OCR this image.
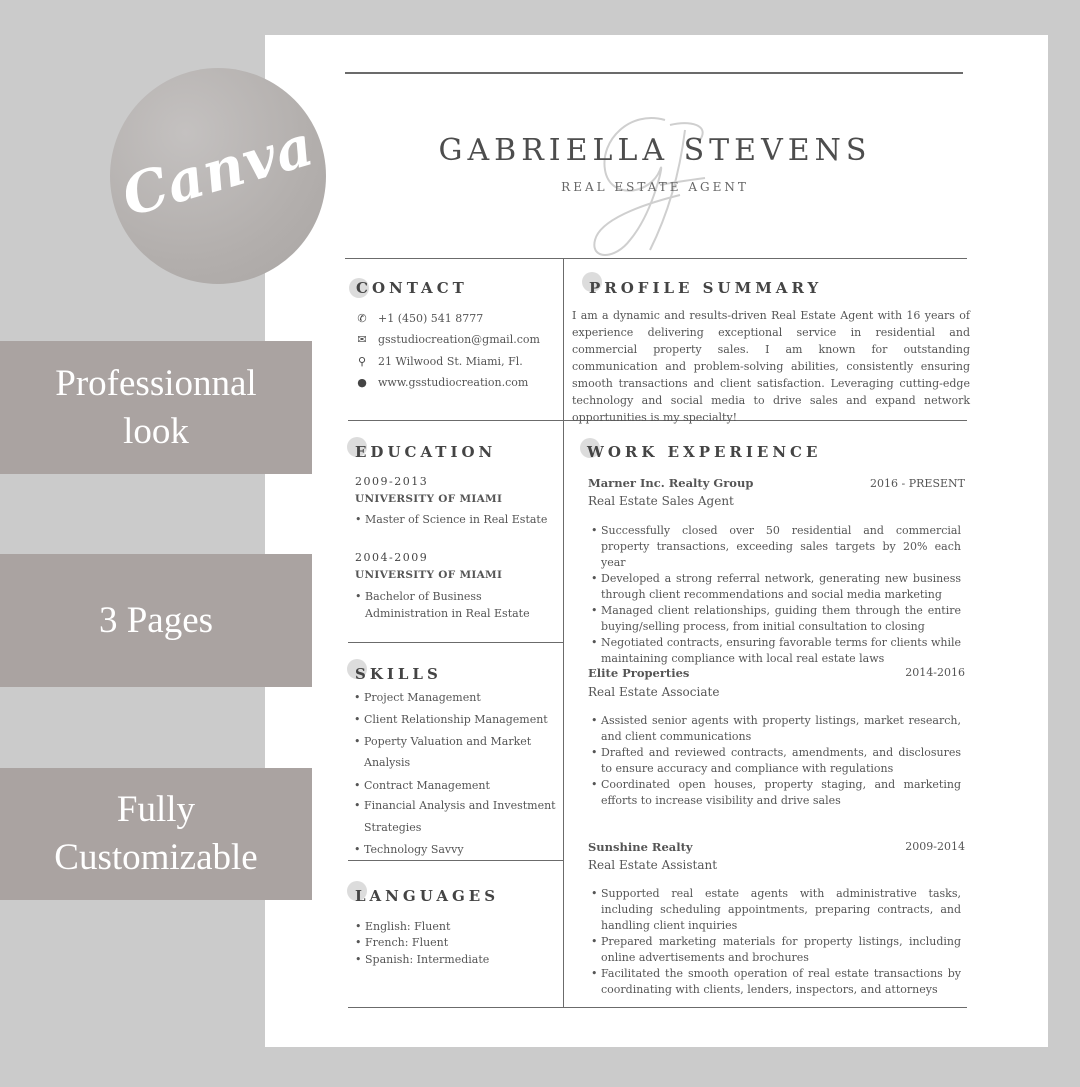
GABRIELLA STEVENS
REAL ESTATE AGENT
CONTACT
✆ +1 (450) 541 8777
✉ gsstudiocreation@gmail.com
⚲ 21 Wilwood St. Miami, Fl.
● www.gsstudiocreation.com
PROFILE SUMMARY
I am a dynamic and results-driven Real Estate Agent with 16 years of experience delivering exceptional service in residential and commercial property sales. I am known for outstanding communication and problem-solving abilities, consistently ensuring smooth transactions and client satisfaction. Leveraging cutting-edge technology and social media to drive sales and expand network opportunities is my specialty!
EDUCATION
2009-2013
UNIVERSITY OF MIAMI
• Master of Science in Real Estate
2004-2009
UNIVERSITY OF MIAMI
• Bachelor of Business
Administration in Real Estate
SKILLS
• Project Management
• Client Relationship Management
• Poperty Valuation and Market
Analysis
• Contract Management
• Financial Analysis and Investment
Strategies
• Technology Savvy
LANGUAGES
• English: Fluent
• French: Fluent
• Spanish: Intermediate
WORK EXPERIENCE
Marner Inc. Realty Group	2016 - PRESENT
Real Estate Sales Agent
• Successfully closed over 50 residential and commercial property transactions, exceeding sales targets by 20% each year
• Developed a strong referral network, generating new business through client recommendations and social media marketing
• Managed client relationships, guiding them through the entire buying/selling process, from initial consultation to closing
• Negotiated contracts, ensuring favorable terms for clients while maintaining compliance with local real estate laws
Elite Properties	2014-2016
Real Estate Associate
• Assisted senior agents with property listings, market research, and client communications
• Drafted and reviewed contracts, amendments, and disclosures to ensure accuracy and compliance with regulations
• Coordinated open houses, property staging, and marketing efforts to increase visibility and drive sales
Sunshine Realty	2009-2014
Real Estate Assistant
• Supported real estate agents with administrative tasks, including scheduling appointments, preparing contracts, and handling client inquiries
• Prepared marketing materials for property listings, including online advertisements and brochures
• Facilitated the smooth operation of real estate transactions by coordinating with clients, lenders, inspectors, and attorneys
Canva
Professionnal
look
3 Pages
Fully
Customizable
